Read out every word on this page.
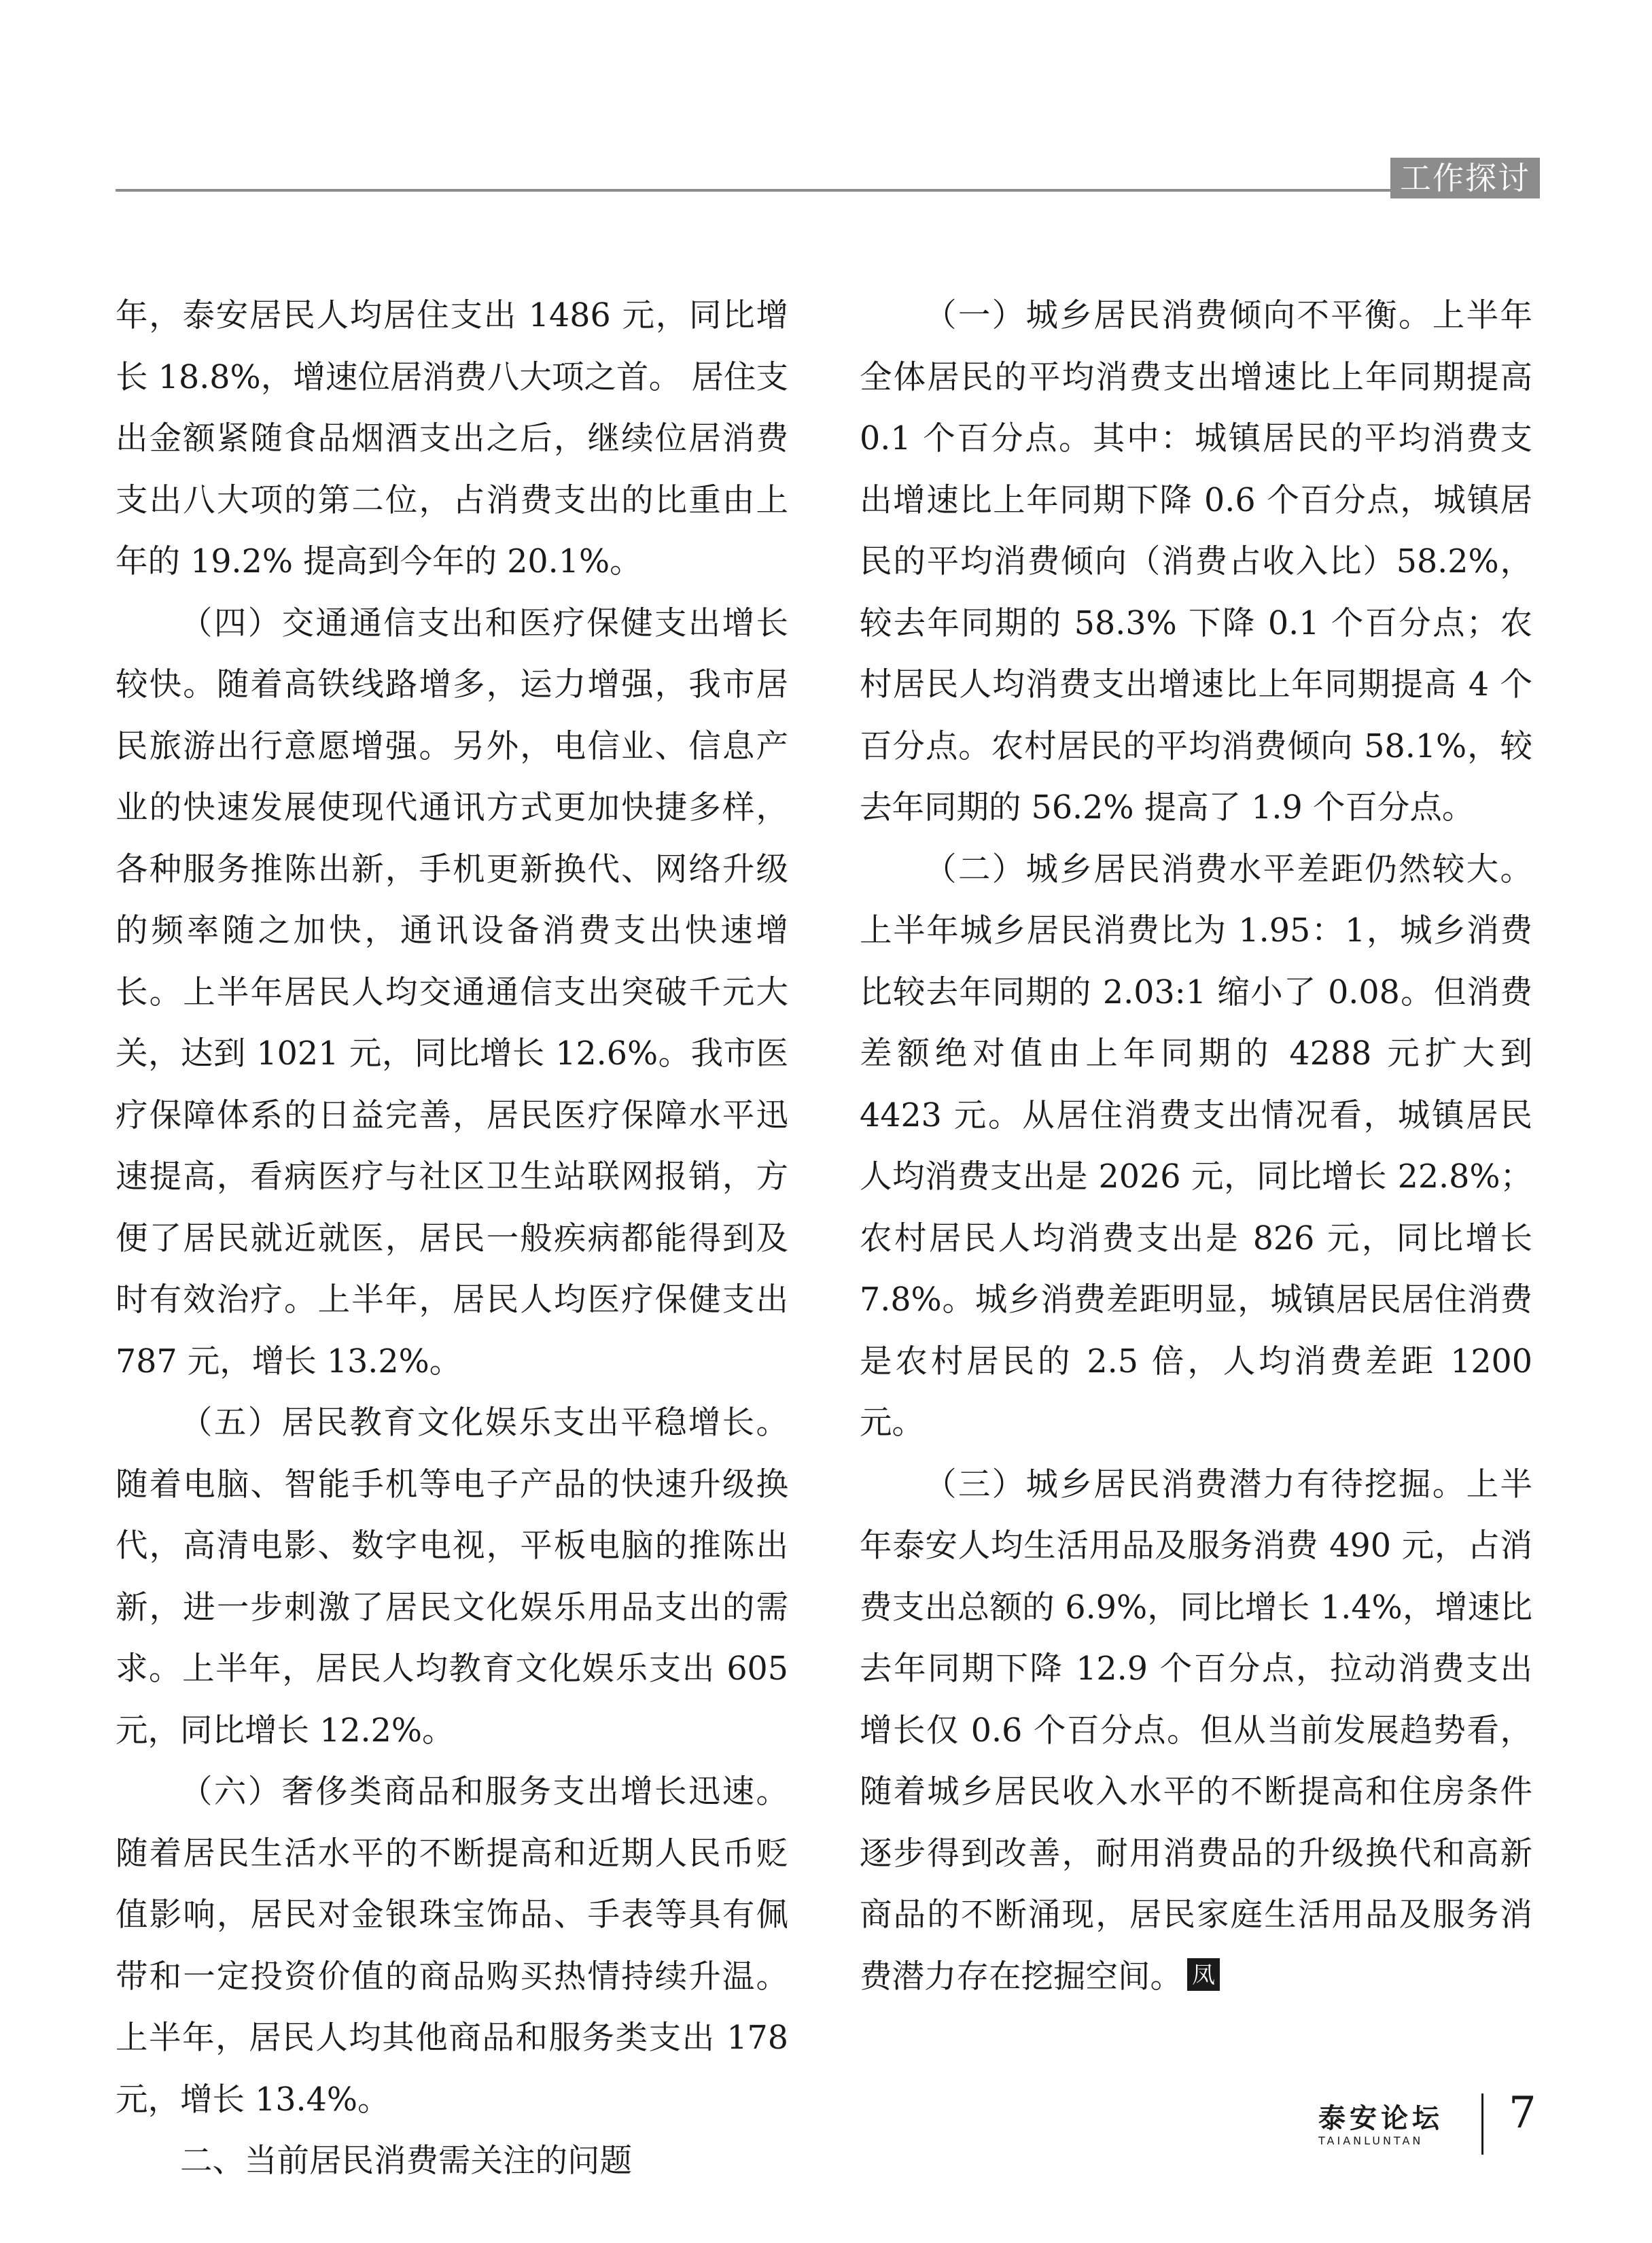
工作探讨

年，泰安居民人均居住支出 1486 元，同比增长 18.8%，增速位居消费八大项之首。 居住支出金额紧随食品烟酒支出之后，继续位居消费支出八大项的第二位，占消费支出的比重由上年的 19.2% 提高到今年的 20.1%。

（四）交通通信支出和医疗保健支出增长较快。随着高铁线路增多，运力增强，我市居民旅游出行意愿增强。另外，电信业、信息产业的快速发展使现代通讯方式更加快捷多样，各种服务推陈出新，手机更新换代、网络升级的频率随之加快，通讯设备消费支出快速增长。上半年居民人均交通通信支出突破千元大关，达到 1021 元，同比增长 12.6%。我市医疗保障体系的日益完善，居民医疗保障水平迅速提高，看病医疗与社区卫生站联网报销，方便了居民就近就医，居民一般疾病都能得到及时有效治疗。上半年，居民人均医疗保健支出 787 元，增长 13.2%。

（五）居民教育文化娱乐支出平稳增长。随着电脑、智能手机等电子产品的快速升级换代，高清电影、数字电视，平板电脑的推陈出新，进一步刺激了居民文化娱乐用品支出的需求。上半年，居民人均教育文化娱乐支出 605 元，同比增长 12.2%。

（六）奢侈类商品和服务支出增长迅速。随着居民生活水平的不断提高和近期人民币贬值影响，居民对金银珠宝饰品、手表等具有佩带和一定投资价值的商品购买热情持续升温。上半年，居民人均其他商品和服务类支出 178 元，增长 13.4%。

二、当前居民消费需关注的问题

（一）城乡居民消费倾向不平衡。上半年全体居民的平均消费支出增速比上年同期提高 0.1 个百分点。其中：城镇居民的平均消费支出增速比上年同期下降 0.6 个百分点，城镇居民的平均消费倾向（消费占收入比）58.2%，较去年同期的 58.3% 下降 0.1 个百分点；农村居民人均消费支出增速比上年同期提高 4 个百分点。农村居民的平均消费倾向 58.1%，较去年同期的 56.2% 提高了 1.9 个百分点。

（二）城乡居民消费水平差距仍然较大。上半年城乡居民消费比为 1.95：1，城乡消费比较去年同期的 2.03:1 缩小了 0.08。但消费差额绝对值由上年同期的 4288 元扩大到 4423 元。从居住消费支出情况看，城镇居民人均消费支出是 2026 元，同比增长 22.8%；农村居民人均消费支出是 826 元，同比增长 7.8%。城乡消费差距明显，城镇居民居住消费是农村居民的 2.5 倍，人均消费差距 1200 元。

（三）城乡居民消费潜力有待挖掘。上半年泰安人均生活用品及服务消费 490 元，占消费支出总额的 6.9%，同比增长 1.4%，增速比去年同期下降 12.9 个百分点，拉动消费支出增长仅 0.6 个百分点。但从当前发展趋势看，随着城乡居民收入水平的不断提高和住房条件逐步得到改善，耐用消费品的升级换代和高新商品的不断涌现，居民家庭生活用品及服务消费潜力存在挖掘空间。 凤

泰安论坛
TAIANLUNTAN
7
